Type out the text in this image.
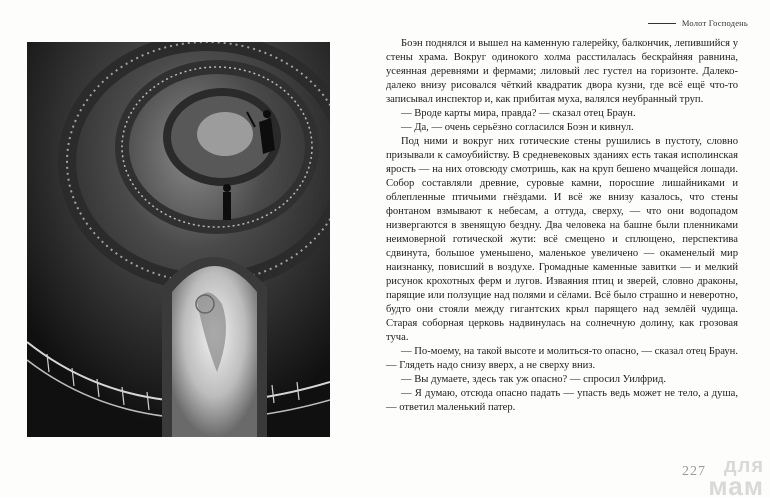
Молот Господень

Боэн поднялся и вышел на каменную галерейку, балкончик, лепившийся у стены храма. Вокруг одинокого холма расстилалась бескрайняя равнина, усеянная деревнями и фермами; лиловый лес густел на горизонте. Далеко-далеко внизу рисовался чёткий квадратик двора кузни, где всё ещё что-то записывал инспектор и, как прибитая муха, валялся неубранный труп.

— Вроде карты мира, правда? — сказал отец Браун.

— Да, — очень серьёзно согласился Боэн и кивнул.

Под ними и вокруг них готические стены рушились в пустоту, словно призывали к самоубийству. В средневековых зданиях есть такая исполинская ярость — на них отовсюду смотришь, как на круп бешено мчащейся лошади. Собор составляли древние, суровые камни, поросшие лишайниками и облепленные птичьими гнёздами. И всё же внизу казалось, что стены фонтаном взмывают к небесам, а оттуда, сверху, — что они водопадом низвергаются в звенящую бездну. Два человека на башне были пленниками неимоверной готической жути: всё смещено и сплющено, перспектива сдвинута, большое уменьшено, маленькое увеличено — окаменелый мир наизнанку, повисший в воздухе. Громадные каменные завитки — и мелкий рисунок крохотных ферм и лугов. Изваяния птиц и зверей, словно драконы, парящие или ползущие над полями и сёлами. Всё было страшно и неверотно, будто они стояли между гигантских крыл парящего над землёй чудища. Старая соборная церковь надвинулась на солнечную долину, как грозовая туча.

— По-моему, на такой высоте и молиться-то опасно, — сказал отец Браун. — Глядеть надо снизу вверх, а не сверху вниз.

— Вы думаете, здесь так уж опасно? — спросил Уилфрид.

— Я думаю, отсюда опасно падать — упасть ведь может не тело, а душа, — ответил маленький патер.

227 для
мам
